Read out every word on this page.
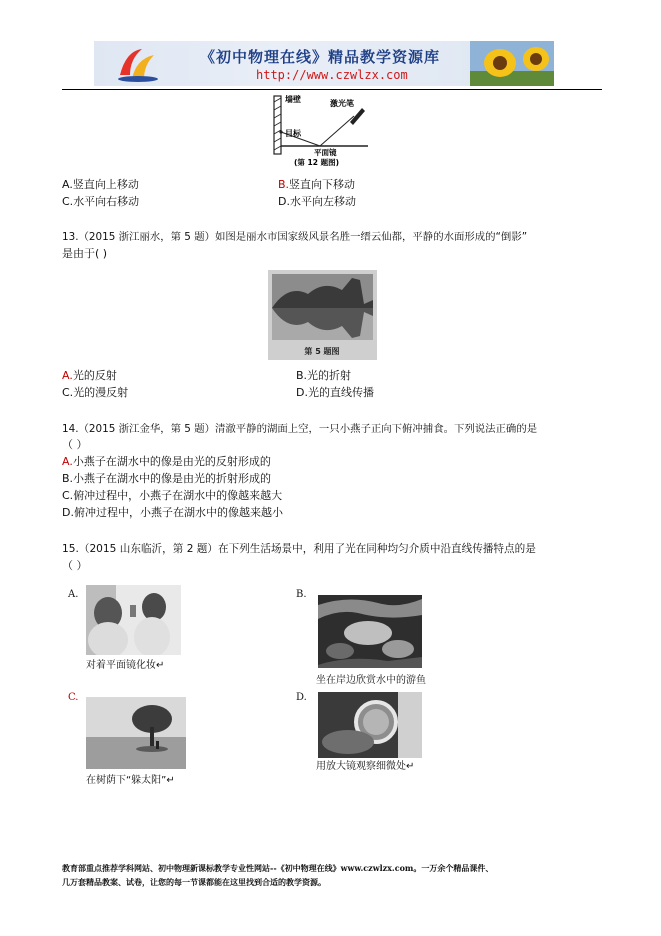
《初中物理在线》精品教学资源库
http://www.czwlzx.com
墙壁	激光笔
目标
平面镜
(第 12 题图)
A.竖直向上移动	B.竖直向下移动
C.水平向右移动	D.水平向左移动
13.（2015 浙江丽水，第 5 题）如图是丽水市国家级风景名胜一缙云仙都，平静的水面形成的“倒影”
是由于( )
第 5 题图
A.光的反射	B.光的折射
C.光的漫反射	D.光的直线传播
14.（2015 浙江金华，第 5 题）清澈平静的湖面上空，一只小燕子正向下俯冲捕食。下列说法正确的是
（ ）
A.小燕子在湖水中的像是由光的反射形成的
B.小燕子在湖水中的像是由光的折射形成的
C.俯冲过程中，小燕子在湖水中的像越来越大
D.俯冲过程中，小燕子在湖水中的像越来越小
15.（2015 山东临沂，第 2 题）在下列生活场景中，利用了光在同种均匀介质中沿直线传播特点的是
（ ）
A.
对着平面镜化妆↵
B.
坐在岸边欣赏水中的游鱼
C.
在树荫下“躲太阳”↵
D.
用放大镜观察细微处↵
教育部重点推荐学科网站、初中物理新课标教学专业性网站--《初中物理在线》www.czwlzx.com。一万余个精品课件、
几万套精品教案、试卷，让您的每一节课都能在这里找到合适的教学资源。
